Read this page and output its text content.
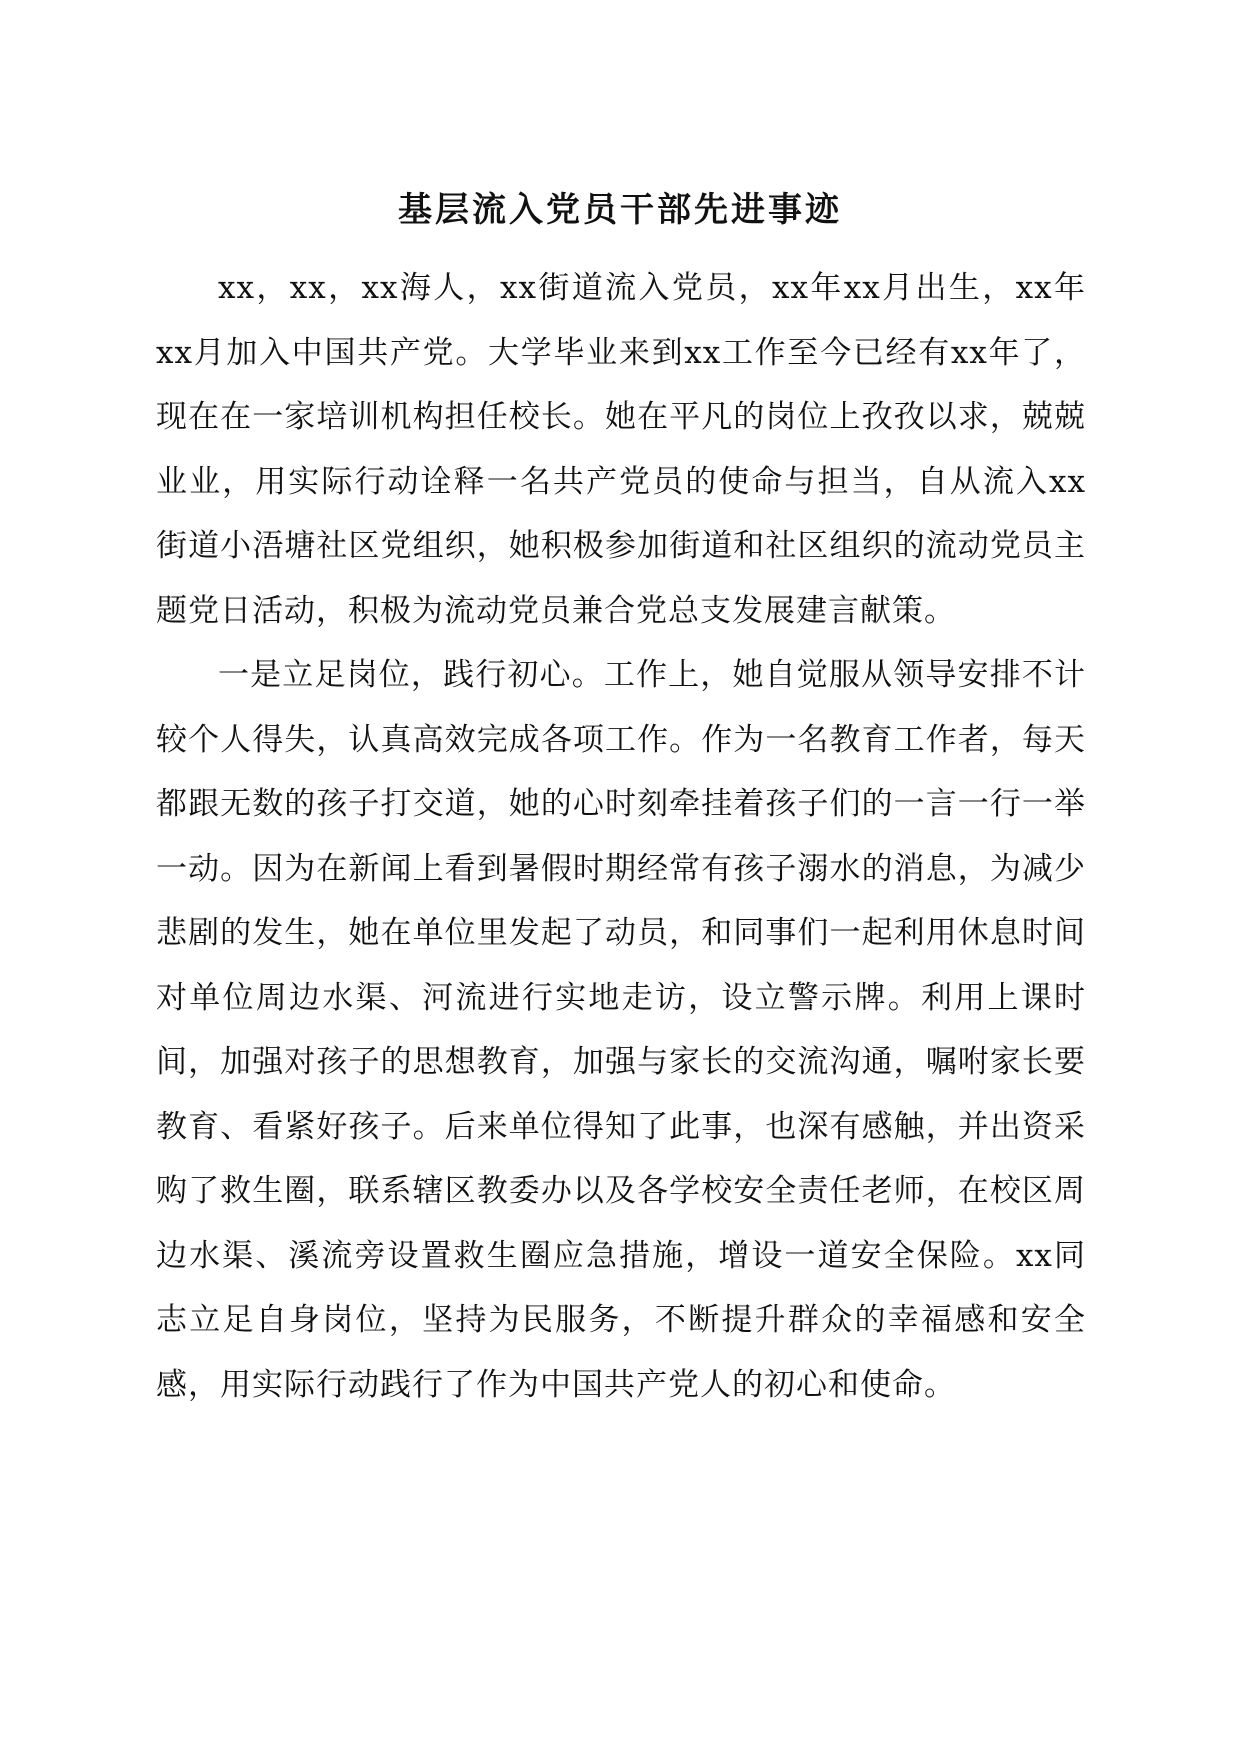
基层流入党员干部先进事迹

xx，xx，xx海人，xx街道流入党员，xx年xx月出生，xx年xx月加入中国共产党。大学毕业来到xx工作至今已经有xx年了，现在在一家培训机构担任校长。她在平凡的岗位上孜孜以求，兢兢业业，用实际行动诠释一名共产党员的使命与担当，自从流入xx街道小浯塘社区党组织，她积极参加街道和社区组织的流动党员主题党日活动，积极为流动党员兼合党总支发展建言献策。

一是立足岗位，践行初心。工作上，她自觉服从领导安排不计较个人得失，认真高效完成各项工作。作为一名教育工作者，每天都跟无数的孩子打交道，她的心时刻牵挂着孩子们的一言一行一举一动。因为在新闻上看到暑假时期经常有孩子溺水的消息，为减少悲剧的发生，她在单位里发起了动员，和同事们一起利用休息时间对单位周边水渠、河流进行实地走访，设立警示牌。利用上课时间，加强对孩子的思想教育，加强与家长的交流沟通，嘱咐家长要教育、看紧好孩子。后来单位得知了此事，也深有感触，并出资采购了救生圈，联系辖区教委办以及各学校安全责任老师，在校区周边水渠、溪流旁设置救生圈应急措施，增设一道安全保险。xx同志立足自身岗位，坚持为民服务，不断提升群众的幸福感和安全感，用实际行动践行了作为中国共产党人的初心和使命。
